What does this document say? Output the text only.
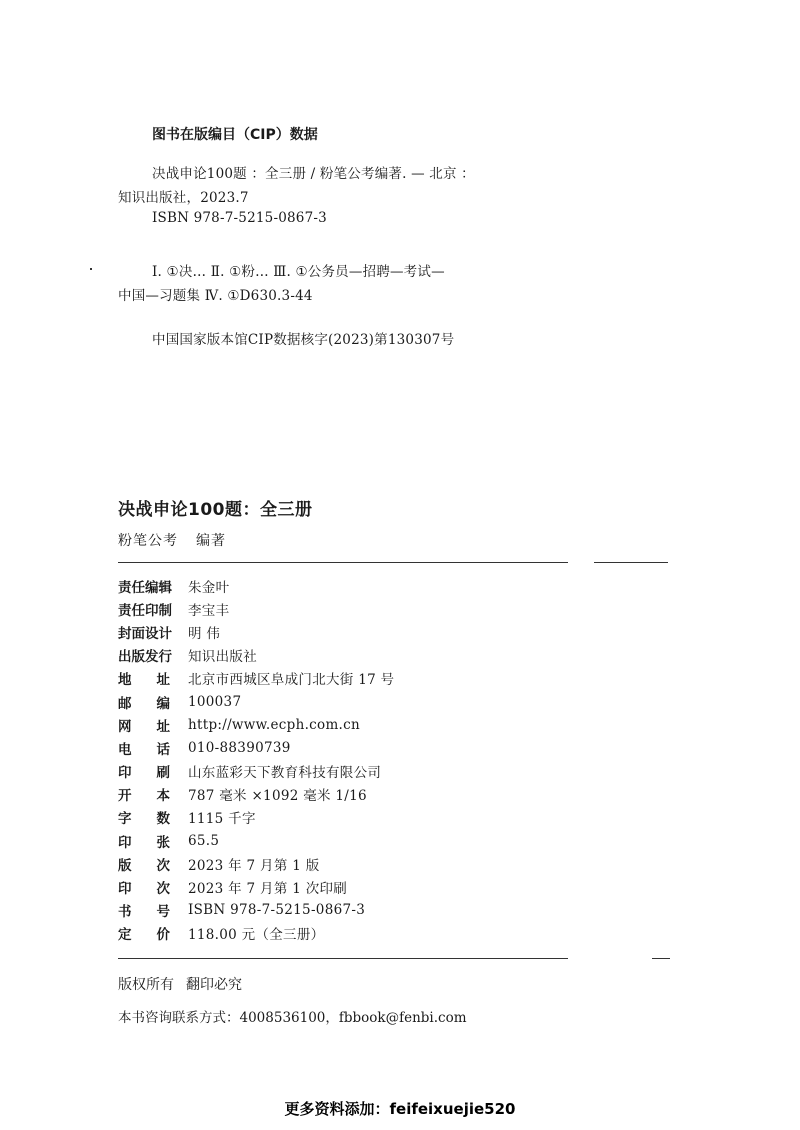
图书在版编目（CIP）数据
决战申论100题 ：全三册 / 粉笔公考编著. — 北京 ：
知识出版社，2023.7
ISBN 978-7-5215-0867-3
Ⅰ. ①决… Ⅱ. ①粉… Ⅲ. ①公务员—招聘—考试—
中国—习题集 Ⅳ. ①D630.3-44
中国国家版本馆CIP数据核字(2023)第130307号
决战申论100题：全三册
粉笔公考 编著
责任编辑 朱金叶
责任印制 李宝丰
封面设计 明 伟
出版发行 知识出版社
地址 北京市西城区阜成门北大街 17 号
邮编 100037
网址 http://www.ecph.com.cn
电话 010-88390739
印刷 山东蓝彩天下教育科技有限公司
开本 787 毫米 ×1092 毫米 1/16
字数 1115 千字
印张 65.5
版次 2023 年 7 月第 1 版
印次 2023 年 7 月第 1 次印刷
书号 ISBN 978-7-5215-0867-3
定价 118.00 元（全三册）
版权所有 翻印必究
本书咨询联系方式：4008536100，fbbook@fenbi.com
更多资料添加：feifeixuejie520
